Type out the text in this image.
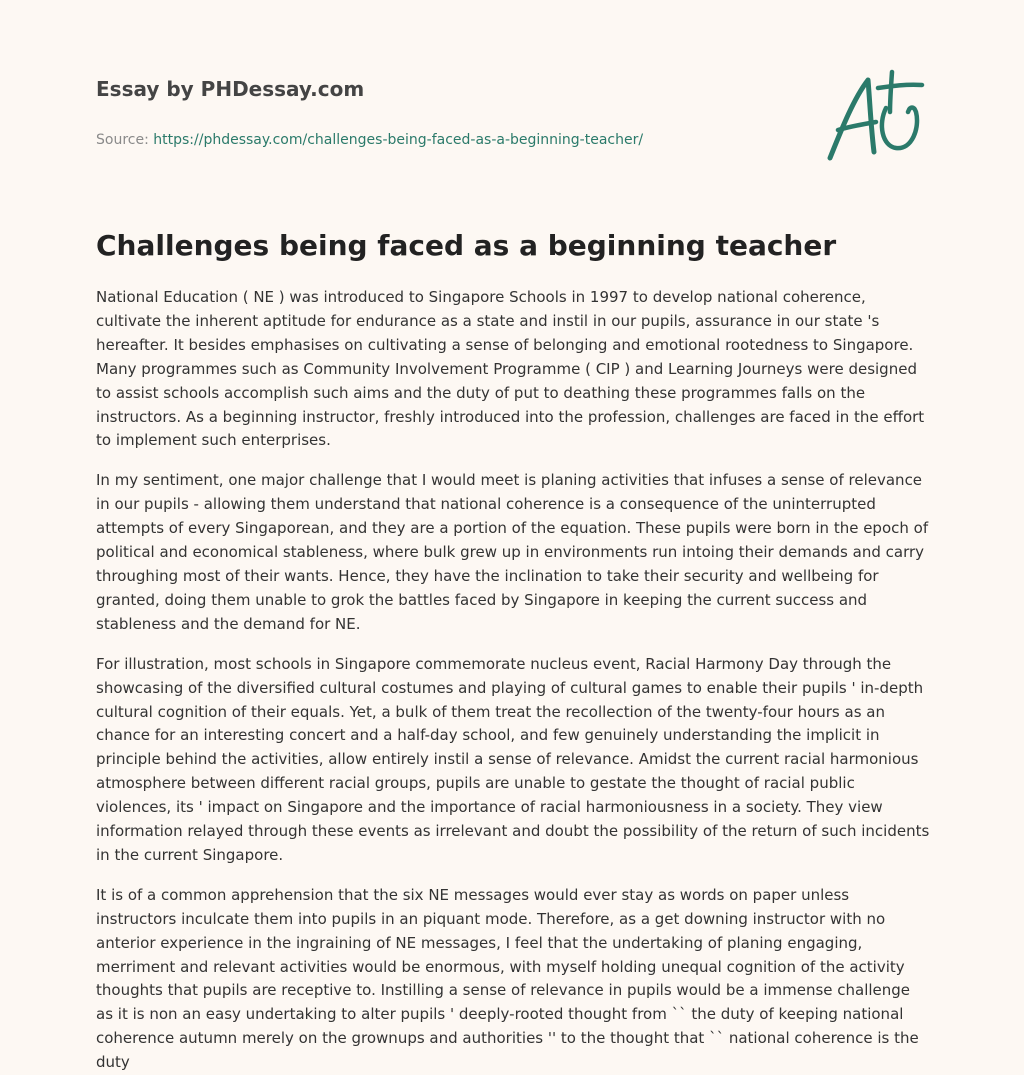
Essay by PHDessay.com
Source: https://phdessay.com/challenges-being-faced-as-a-beginning-teacher/
Challenges being faced as a beginning teacher

National Education ( NE ) was introduced to Singapore Schools in 1997 to develop national coherence, cultivate the inherent aptitude for endurance as a state and instil in our pupils, assurance in our state 's hereafter. It besides emphasises on cultivating a sense of belonging and emotional rootedness to Singapore. Many programmes such as Community Involvement Programme ( CIP ) and Learning Journeys were designed to assist schools accomplish such aims and the duty of put to deathing these programmes falls on the instructors. As a beginning instructor, freshly introduced into the profession, challenges are faced in the effort to implement such enterprises.

In my sentiment, one major challenge that I would meet is planing activities that infuses a sense of relevance in our pupils - allowing them understand that national coherence is a consequence of the uninterrupted attempts of every Singaporean, and they are a portion of the equation. These pupils were born in the epoch of political and economical stableness, where bulk grew up in environments run intoing their demands and carry throughing most of their wants. Hence, they have the inclination to take their security and wellbeing for granted, doing them unable to grok the battles faced by Singapore in keeping the current success and stableness and the demand for NE.

For illustration, most schools in Singapore commemorate nucleus event, Racial Harmony Day through the showcasing of the diversified cultural costumes and playing of cultural games to enable their pupils ' in-depth cultural cognition of their equals. Yet, a bulk of them treat the recollection of the twenty-four hours as an chance for an interesting concert and a half-day school, and few genuinely understanding the implicit in principle behind the activities, allow entirely instil a sense of relevance. Amidst the current racial harmonious atmosphere between different racial groups, pupils are unable to gestate the thought of racial public violences, its ' impact on Singapore and the importance of racial harmoniousness in a society. They view information relayed through these events as irrelevant and doubt the possibility of the return of such incidents in the current Singapore.

It is of a common apprehension that the six NE messages would ever stay as words on paper unless instructors inculcate them into pupils in an piquant mode. Therefore, as a get downing instructor with no anterior experience in the ingraining of NE messages, I feel that the undertaking of planing engaging, merriment and relevant activities would be enormous, with myself holding unequal cognition of the activity thoughts that pupils are receptive to. Instilling a sense of relevance in pupils would be a immense challenge as it is non an easy undertaking to alter pupils ' deeply-rooted thought from `` the duty of keeping national coherence autumn merely on the grownups and authorities '' to the thought that `` national coherence is the duty
